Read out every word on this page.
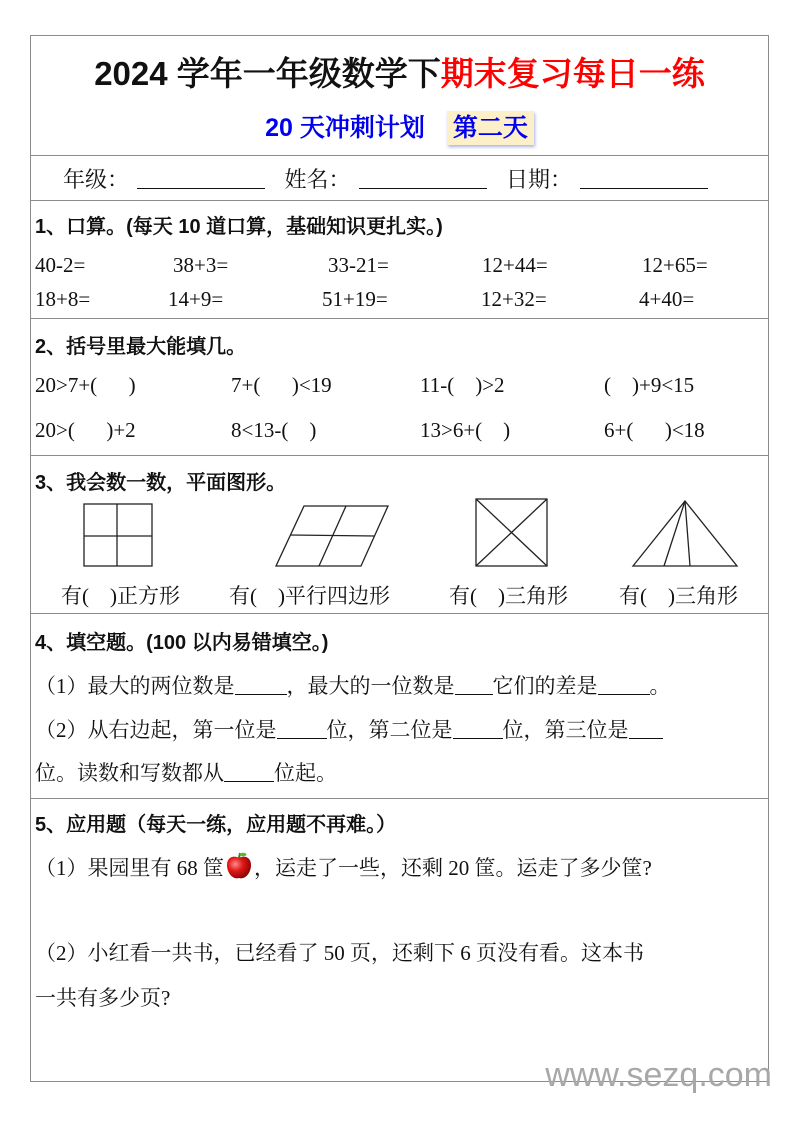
2024 学年一年级数学下期末复习每日一练
20 天冲刺计划 第二天
年级：	姓名：	日期：
1、口算。(每天 10 道口算，基础知识更扎实。)
40-2=	38+3=	33-21=	12+44=	12+65=
18+8=	14+9=	51+19=	12+32=	4+40=
2、括号里最大能填几。
20>7+(      )	7+(      )<19	11-(    )>2	(    )+9<15
20>(      )+2	8<13-(    )	13>6+(    )	6+(      )<18
3、我会数一数，平面图形。
有(    )正方形 有(    )平行四边形	有(    )三角形 有(    )三角形
4、填空题。(100 以内易错填空。)
（1）最大的两位数是 ，最大的一位数是 它们的差是 。
（2）从右边起，第一位是 位，第二位是 位，第三位是
位。读数和写数都从 位起。
5、应用题（每天一练，应用题不再难。）
（1）果园里有 68 筐 ，运走了一些，还剩 20 筐。运走了多少筐?
（2）小红看一共书，已经看了 50 页，还剩下 6 页没有看。这本书
一共有多少页?
www.sezq.com
